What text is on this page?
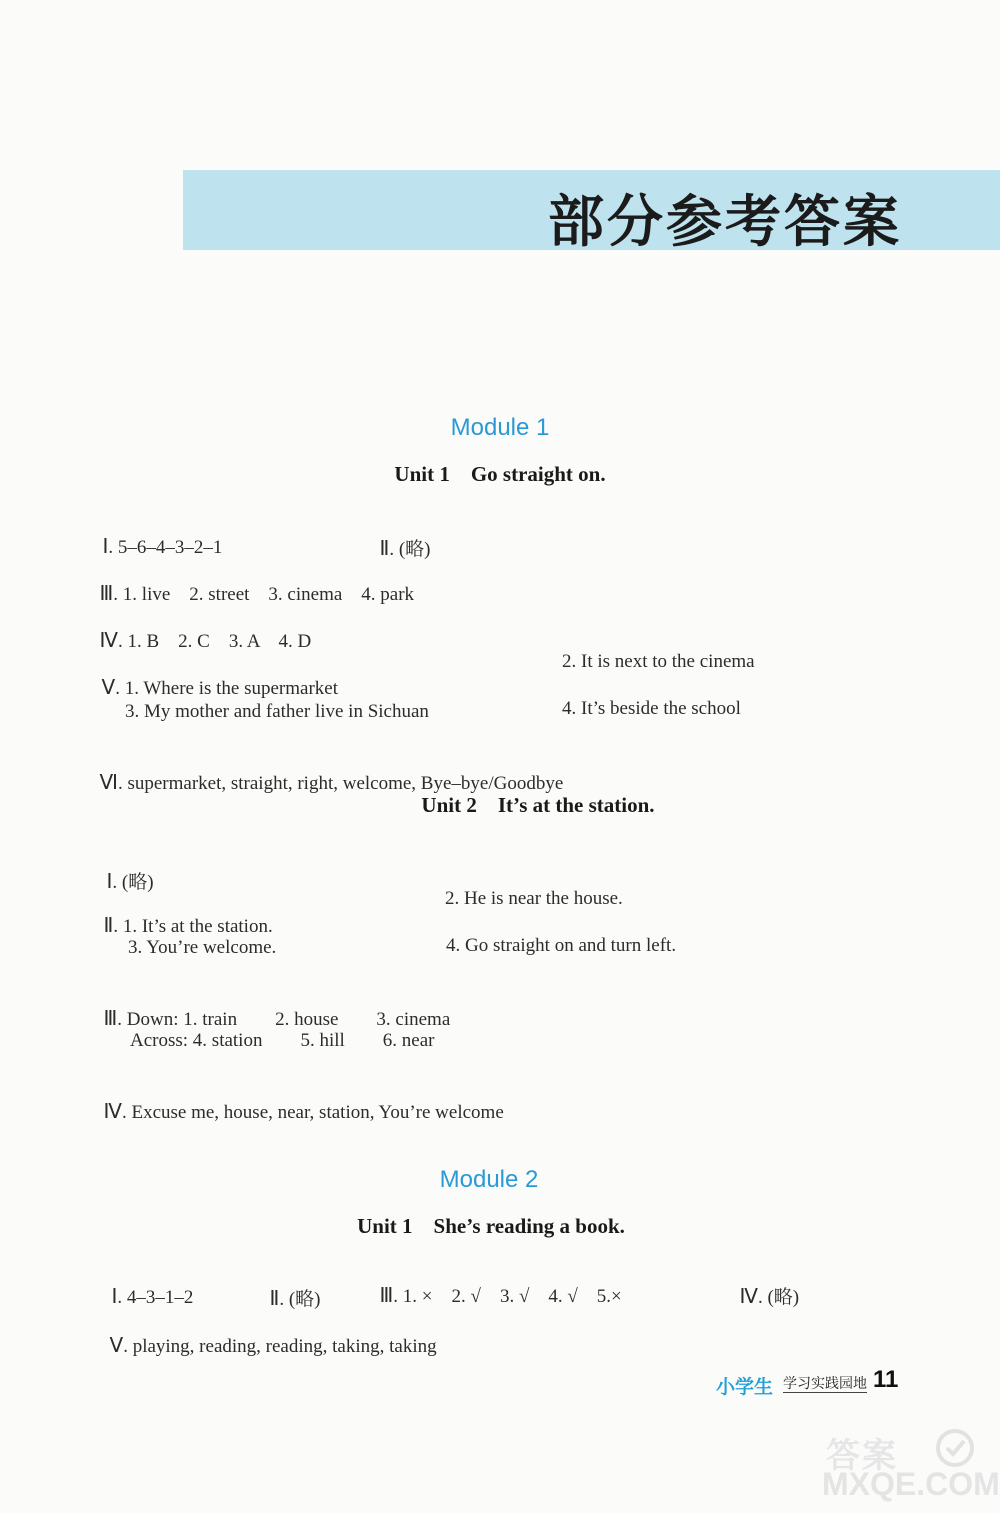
部分参考答案
Module 1
Unit 1    Go straight on.

Ⅰ. 5–6–4–3–2–1	Ⅱ. (略)

Ⅲ. 1. live    2. street    3. cinema    4. park

Ⅳ. 1. B    2. C    3. A    4. D

Ⅴ. 1. Where is the supermarket

2. It is next to the cinema
3. My mother and father live in Sichuan	4. It’s beside the school

Ⅵ. supermarket, straight, right, welcome, Bye–bye/Goodbye

Unit 2    It’s at the station.

Ⅰ. (略)

Ⅱ. 1. It’s at the station.

2. He is near the house.
3. You’re welcome.	4. Go straight on and turn left.

Ⅲ. Down: 1. train        2. house        3. cinema

Across: 4. station        5. hill        6. near

Ⅳ. Excuse me, house, near, station, You’re welcome

Module 2
Unit 1    She’s reading a book.

Ⅰ. 4–3–1–2	Ⅱ. (略)	Ⅲ. 1. ×    2. √    3. √    4. √    5.×	Ⅳ. (略)

Ⅴ. playing, reading, reading, taking, taking

小学生 学习实践园地 11
答案
MXQE.COM
